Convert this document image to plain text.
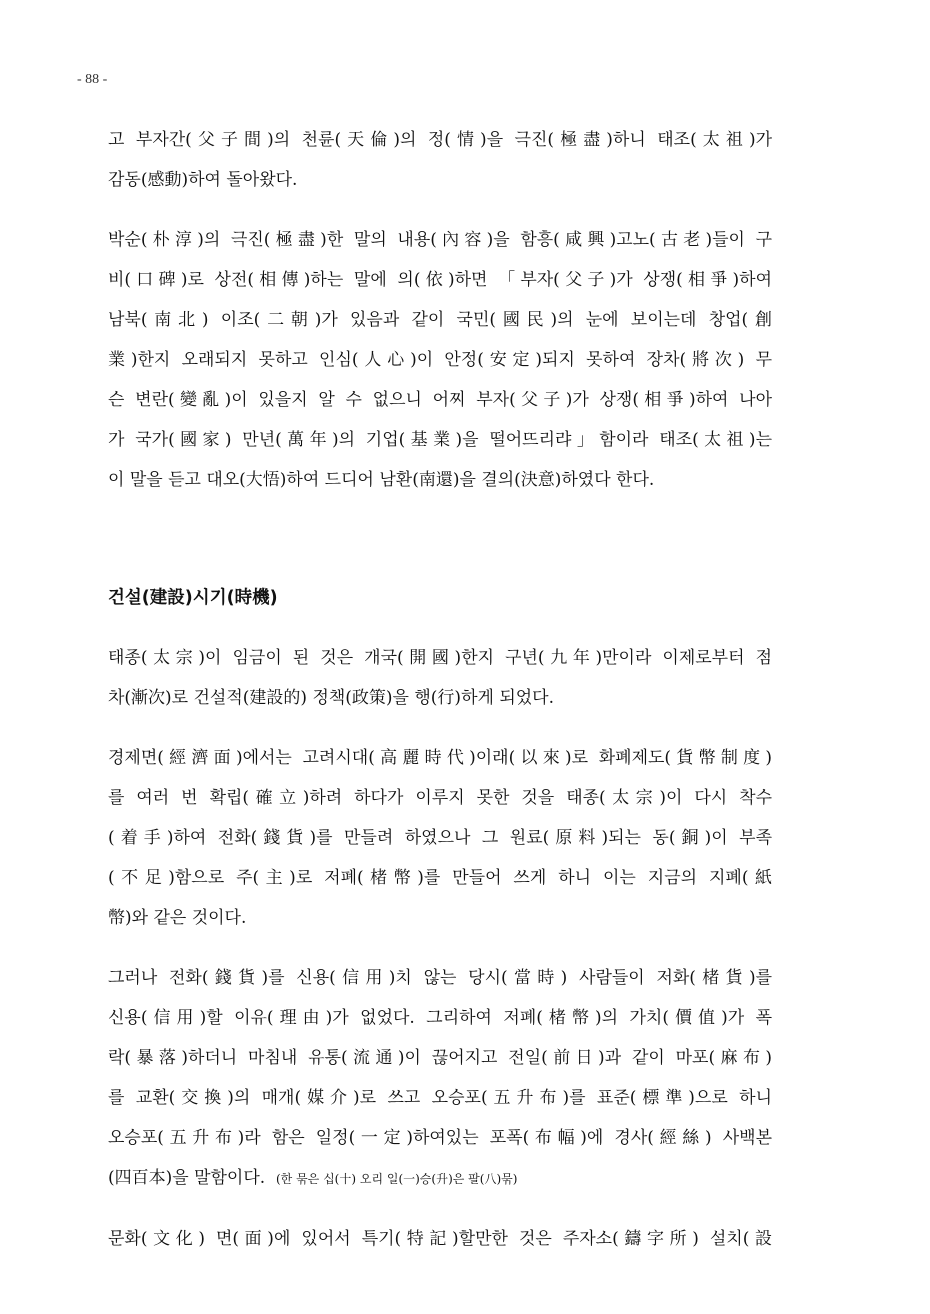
- 88 -

고 부자간(父子間)의 천륜(天倫)의 정(情)을 극진(極盡)하니 태조(太祖)가
감동(感動)하여 돌아왔다.

박순(朴淳)의 극진(極盡)한 말의 내용(內容)을 함흥(咸興)고노(古老)들이 구
비(口碑)로 상전(相傳)하는 말에 의(依)하면 「부자(父子)가 상쟁(相爭)하여
남북(南北) 이조(二朝)가 있음과 같이 국민(國民)의 눈에 보이는데 창업(創
業)한지 오래되지 못하고 인심(人心)이 안정(安定)되지 못하여 장차(將次) 무
슨 변란(變亂)이 있을지 알 수 없으니 어찌 부자(父子)가 상쟁(相爭)하여 나아
가 국가(國家) 만년(萬年)의 기업(基業)을 떨어뜨리랴」함이라 태조(太祖)는
이 말을 듣고 대오(大悟)하여 드디어 남환(南還)을 결의(決意)하였다 한다.

건설(建設)시기(時機)

태종(太宗)이 임금이 된 것은 개국(開國)한지 구년(九年)만이라 이제로부터 점
차(漸次)로 건설적(建設的) 정책(政策)을 행(行)하게 되었다.

경제면(經濟面)에서는 고려시대(高麗時代)이래(以來)로 화폐제도(貨幣制度)
를 여러 번 확립(確立)하려 하다가 이루지 못한 것을 태종(太宗)이 다시 착수
(着手)하여 전화(錢貨)를 만들려 하였으나 그 원료(原料)되는 동(銅)이 부족
(不足)함으로 주(主)로 저폐(楮幣)를 만들어 쓰게 하니 이는 지금의 지폐(紙
幣)와 같은 것이다.

그러나 전화(錢貨)를 신용(信用)치 않는 당시(當時) 사람들이 저화(楮貨)를
신용(信用)할 이유(理由)가 없었다. 그리하여 저폐(楮幣)의 가치(價值)가 폭
락(暴落)하더니 마침내 유통(流通)이 끊어지고 전일(前日)과 같이 마포(麻布)
를 교환(交換)의 매개(媒介)로 쓰고 오승포(五升布)를 표준(標準)으로 하니
오승포(五升布)라 함은 일정(一定)하여있는 포폭(布幅)에 경사(經絲) 사백본
(四百本)을 말함이다. (한 묶은 십(十) 오리 일(一)승(升)은 팔(八)묶)

문화(文化) 면(面)에 있어서 특기(特記)할만한 것은 주자소(鑄字所) 설치(設
